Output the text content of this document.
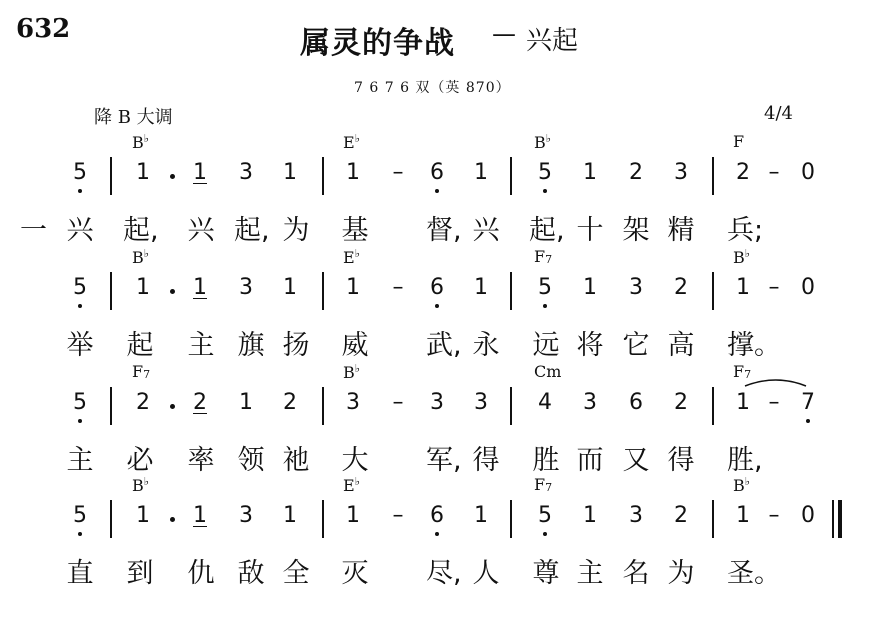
632	属灵的争战 — 兴起
7 6 7 6 双（英 870）
降 B 大调	4/4
B♭	E♭	B♭	F
5 1 1 3 1 1 – 6 1 5 1 2 3 2 – 0
一 兴 起, 兴 起, 为 基 督, 兴 起, 十 架 精 兵;
B♭	E♭	$F_7$	B♭
5 1 1 3 1 1 – 6 1 5 1 3 2 1 – 0
举 起 主 旗 扬 威 武, 永 远 将 它 高 撑。
$F_7$	B♭	Cm	$F_7$
5 2 2 1 2 3 – 3 3 4 3 6 2 1 – 7
主 必 率 领 祂 大 军, 得 胜 而 又 得 胜,
B♭	E♭	$F_7$	B♭
5 1 1 3 1 1 – 6 1 5 1 3 2 1 – 0
直 到 仇 敌 全 灭 尽, 人 尊 主 名 为 圣。
